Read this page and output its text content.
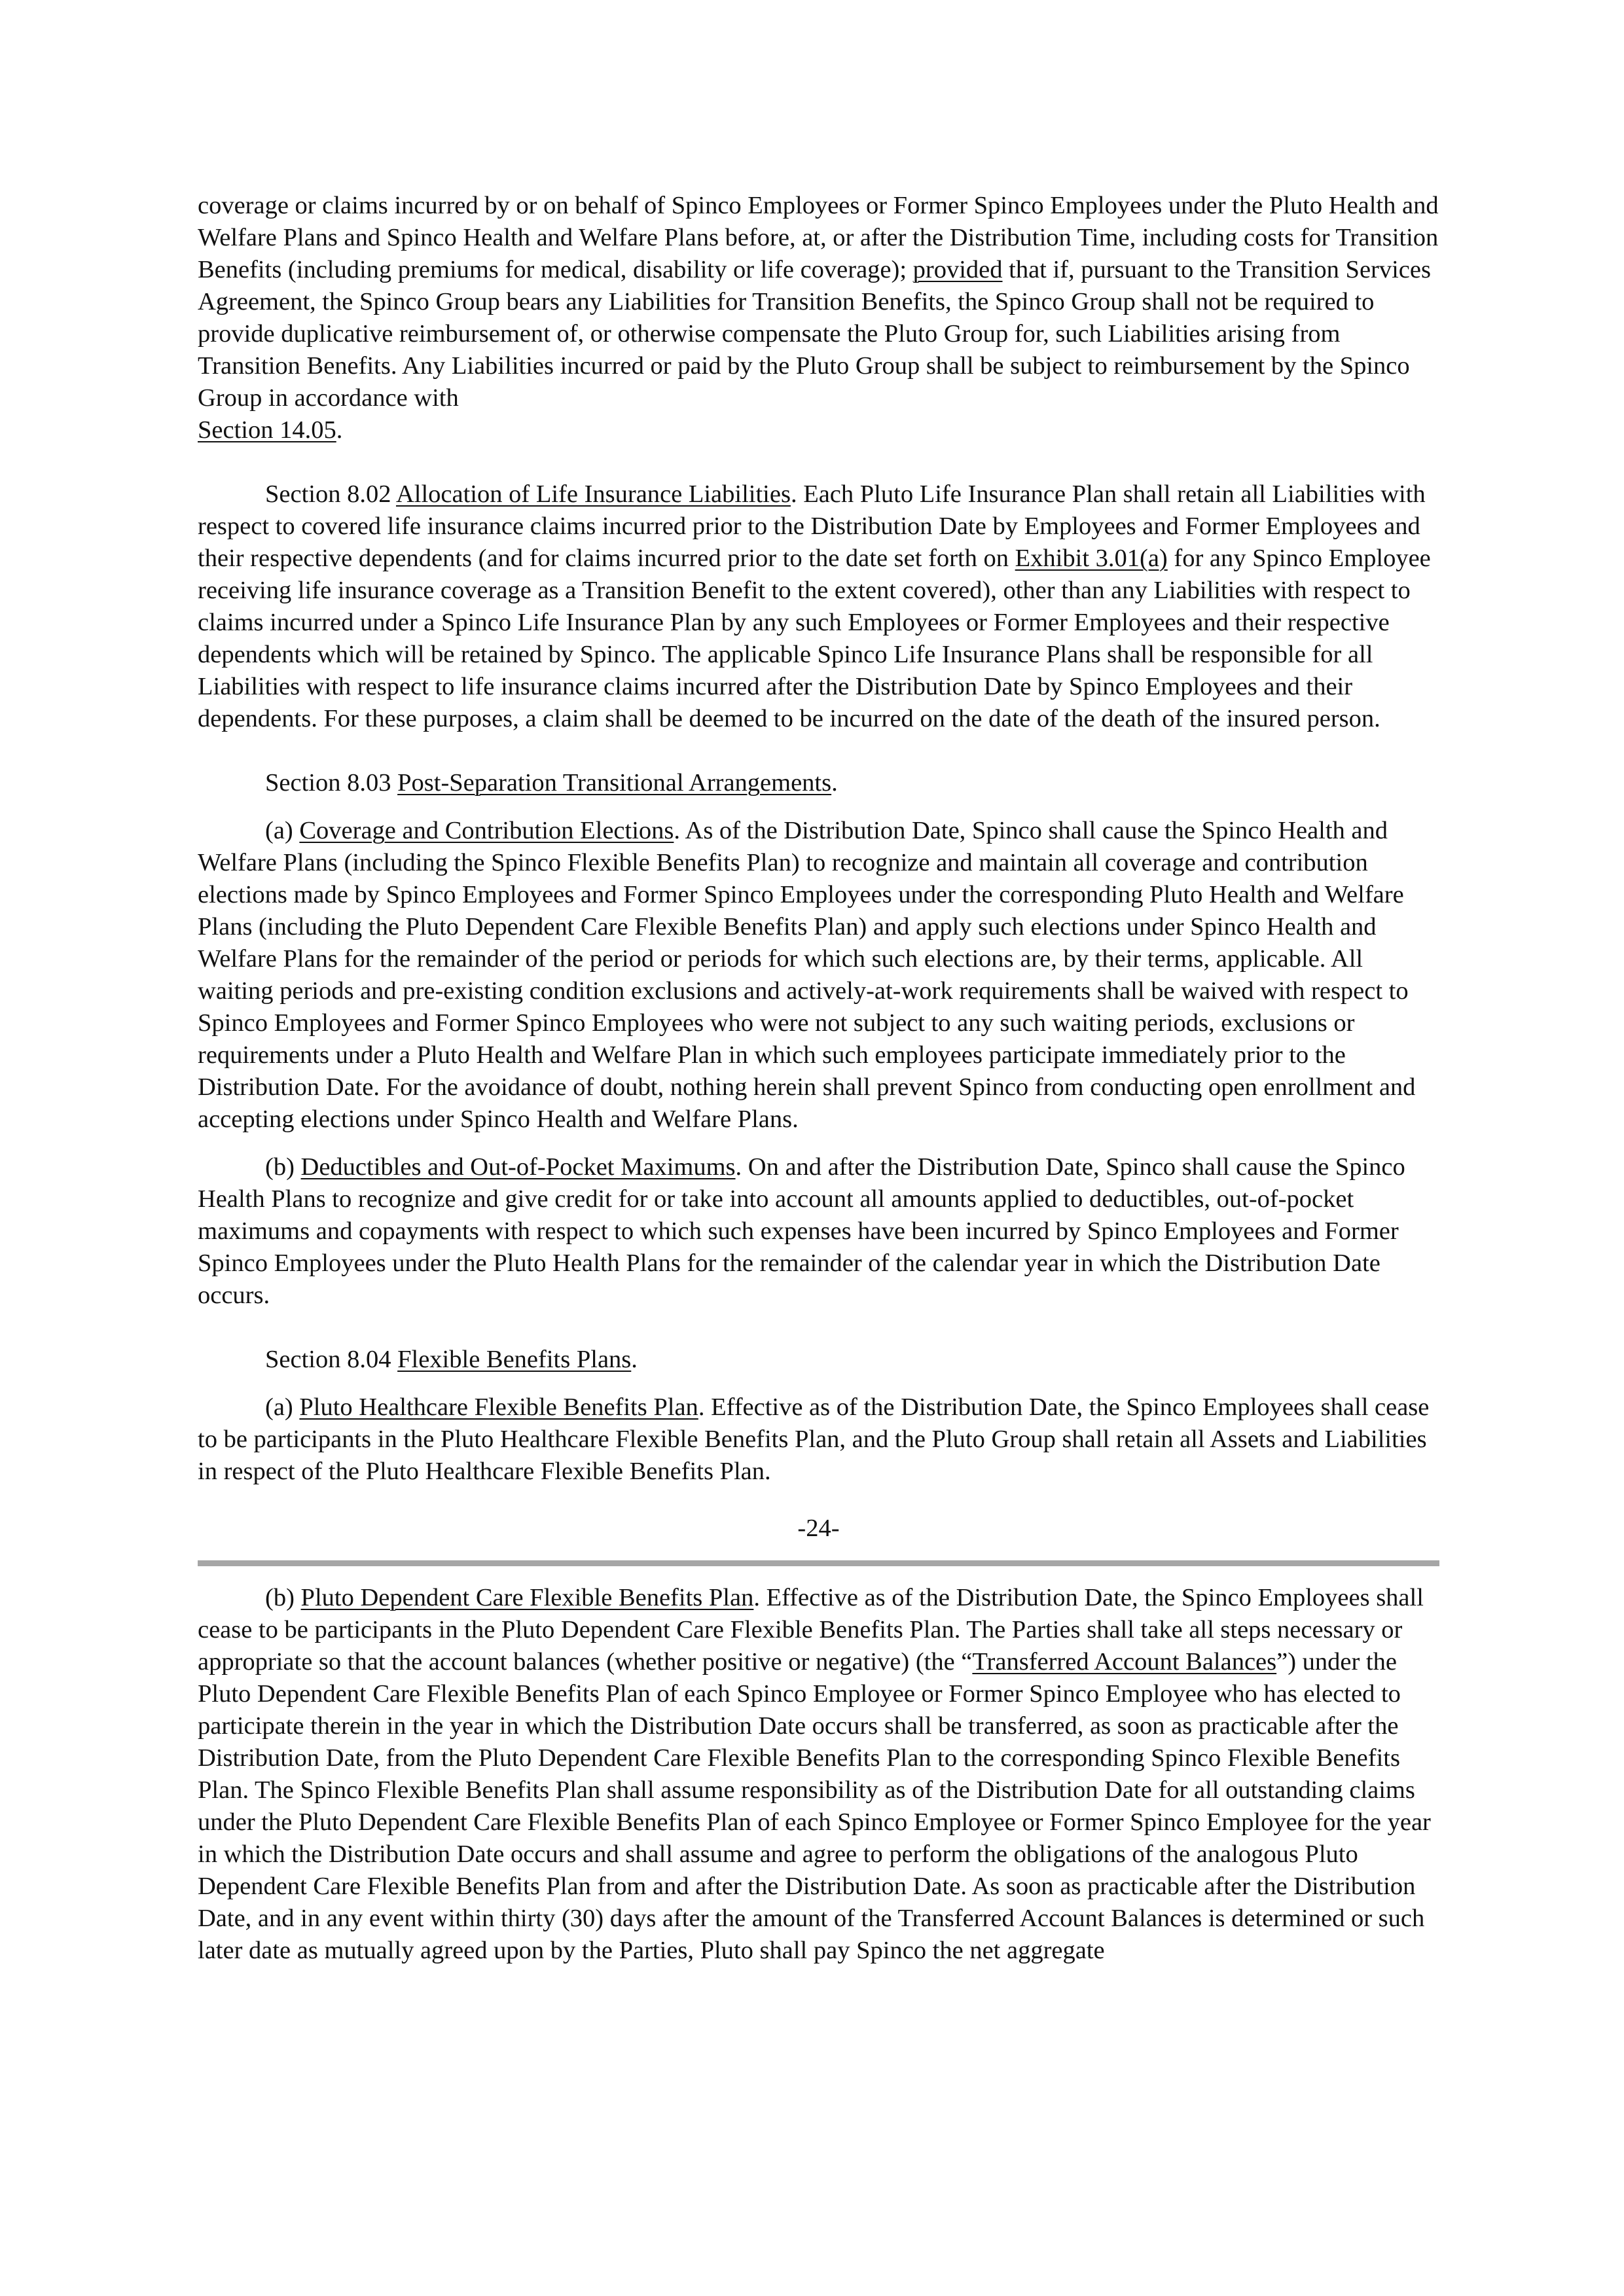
coverage or claims incurred by or on behalf of Spinco Employees or Former Spinco Employees under the Pluto Health and Welfare Plans and Spinco Health and Welfare Plans before, at, or after the Distribution Time, including costs for Transition Benefits (including premiums for medical, disability or life coverage); provided that if, pursuant to the Transition Services Agreement, the Spinco Group bears any Liabilities for Transition Benefits, the Spinco Group shall not be required to provide duplicative reimbursement of, or otherwise compensate the Pluto Group for, such Liabilities arising from Transition Benefits. Any Liabilities incurred or paid by the Pluto Group shall be subject to reimbursement by the Spinco Group in accordance with
Section 14.05.

Section 8.02 Allocation of Life Insurance Liabilities. Each Pluto Life Insurance Plan shall retain all Liabilities with respect to covered life insurance claims incurred prior to the Distribution Date by Employees and Former Employees and their respective dependents (and for claims incurred prior to the date set forth on Exhibit 3.01(a) for any Spinco Employee receiving life insurance coverage as a Transition Benefit to the extent covered), other than any Liabilities with respect to claims incurred under a Spinco Life Insurance Plan by any such Employees or Former Employees and their respective dependents which will be retained by Spinco. The applicable Spinco Life Insurance Plans shall be responsible for all Liabilities with respect to life insurance claims incurred after the Distribution Date by Spinco Employees and their dependents. For these purposes, a claim shall be deemed to be incurred on the date of the death of the insured person.

Section 8.03 Post-Separation Transitional Arrangements.

(a) Coverage and Contribution Elections. As of the Distribution Date, Spinco shall cause the Spinco Health and Welfare Plans (including the Spinco Flexible Benefits Plan) to recognize and maintain all coverage and contribution elections made by Spinco Employees and Former Spinco Employees under the corresponding Pluto Health and Welfare Plans (including the Pluto Dependent Care Flexible Benefits Plan) and apply such elections under Spinco Health and Welfare Plans for the remainder of the period or periods for which such elections are, by their terms, applicable. All waiting periods and pre-existing condition exclusions and actively-at-work requirements shall be waived with respect to Spinco Employees and Former Spinco Employees who were not subject to any such waiting periods, exclusions or requirements under a Pluto Health and Welfare Plan in which such employees participate immediately prior to the Distribution Date. For the avoidance of doubt, nothing herein shall prevent Spinco from conducting open enrollment and accepting elections under Spinco Health and Welfare Plans.

(b) Deductibles and Out-of-Pocket Maximums. On and after the Distribution Date, Spinco shall cause the Spinco Health Plans to recognize and give credit for or take into account all amounts applied to deductibles, out-of-pocket maximums and copayments with respect to which such expenses have been incurred by Spinco Employees and Former Spinco Employees under the Pluto Health Plans for the remainder of the calendar year in which the Distribution Date occurs.

Section 8.04 Flexible Benefits Plans.

(a) Pluto Healthcare Flexible Benefits Plan. Effective as of the Distribution Date, the Spinco Employees shall cease to be participants in the Pluto Healthcare Flexible Benefits Plan, and the Pluto Group shall retain all Assets and Liabilities in respect of the Pluto Healthcare Flexible Benefits Plan.

-24-

(b) Pluto Dependent Care Flexible Benefits Plan. Effective as of the Distribution Date, the Spinco Employees shall cease to be participants in the Pluto Dependent Care Flexible Benefits Plan. The Parties shall take all steps necessary or appropriate so that the account balances (whether positive or negative) (the “Transferred Account Balances”) under the Pluto Dependent Care Flexible Benefits Plan of each Spinco Employee or Former Spinco Employee who has elected to participate therein in the year in which the Distribution Date occurs shall be transferred, as soon as practicable after the Distribution Date, from the Pluto Dependent Care Flexible Benefits Plan to the corresponding Spinco Flexible Benefits Plan. The Spinco Flexible Benefits Plan shall assume responsibility as of the Distribution Date for all outstanding claims under the Pluto Dependent Care Flexible Benefits Plan of each Spinco Employee or Former Spinco Employee for the year in which the Distribution Date occurs and shall assume and agree to perform the obligations of the analogous Pluto Dependent Care Flexible Benefits Plan from and after the Distribution Date. As soon as practicable after the Distribution Date, and in any event within thirty (30) days after the amount of the Transferred Account Balances is determined or such later date as mutually agreed upon by the Parties, Pluto shall pay Spinco the net aggregate
